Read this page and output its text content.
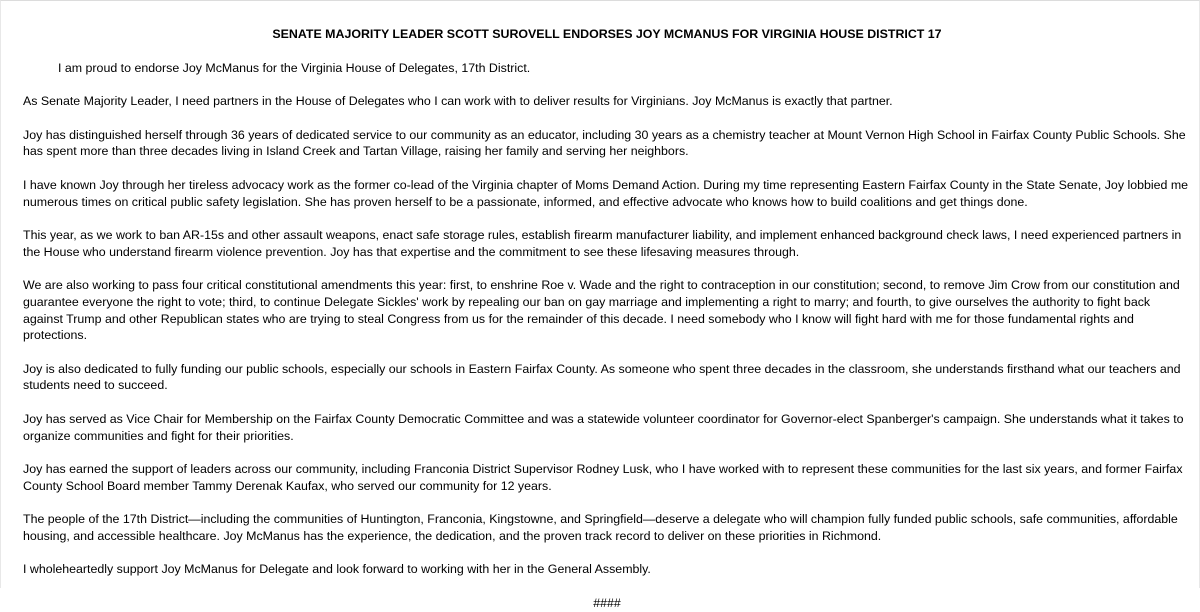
SENATE MAJORITY LEADER SCOTT SUROVELL ENDORSES JOY MCMANUS FOR VIRGINIA HOUSE DISTRICT 17

I am proud to endorse Joy McManus for the Virginia House of Delegates, 17th District.

As Senate Majority Leader, I need partners in the House of Delegates who I can work with to deliver results for Virginians. Joy McManus is exactly that partner.

Joy has distinguished herself through 36 years of dedicated service to our community as an educator, including 30 years as a chemistry teacher at Mount Vernon High School in Fairfax County Public Schools. She has spent more than three decades living in Island Creek and Tartan Village, raising her family and serving her neighbors.

I have known Joy through her tireless advocacy work as the former co-lead of the Virginia chapter of Moms Demand Action. During my time representing Eastern Fairfax County in the State Senate, Joy lobbied me numerous times on critical public safety legislation. She has proven herself to be a passionate, informed, and effective advocate who knows how to build coalitions and get things done.

This year, as we work to ban AR-15s and other assault weapons, enact safe storage rules, establish firearm manufacturer liability, and implement enhanced background check laws, I need experienced partners in the House who understand firearm violence prevention. Joy has that expertise and the commitment to see these lifesaving measures through.

We are also working to pass four critical constitutional amendments this year: first, to enshrine Roe v. Wade and the right to contraception in our constitution; second, to remove Jim Crow from our constitution and guarantee everyone the right to vote; third, to continue Delegate Sickles' work by repealing our ban on gay marriage and implementing a right to marry; and fourth, to give ourselves the authority to fight back against Trump and other Republican states who are trying to steal Congress from us for the remainder of this decade. I need somebody who I know will fight hard with me for those fundamental rights and protections.

Joy is also dedicated to fully funding our public schools, especially our schools in Eastern Fairfax County. As someone who spent three decades in the classroom, she understands firsthand what our teachers and students need to succeed.

Joy has served as Vice Chair for Membership on the Fairfax County Democratic Committee and was a statewide volunteer coordinator for Governor-elect Spanberger's campaign. She understands what it takes to organize communities and fight for their priorities.

Joy has earned the support of leaders across our community, including Franconia District Supervisor Rodney Lusk, who I have worked with to represent these communities for the last six years, and former Fairfax County School Board member Tammy Derenak Kaufax, who served our community for 12 years.

The people of the 17th District—including the communities of Huntington, Franconia, Kingstowne, and Springfield—deserve a delegate who will champion fully funded public schools, safe communities, affordable housing, and accessible healthcare. Joy McManus has the experience, the dedication, and the proven track record to deliver on these priorities in Richmond.

I wholeheartedly support Joy McManus for Delegate and look forward to working with her in the General Assembly.

####
